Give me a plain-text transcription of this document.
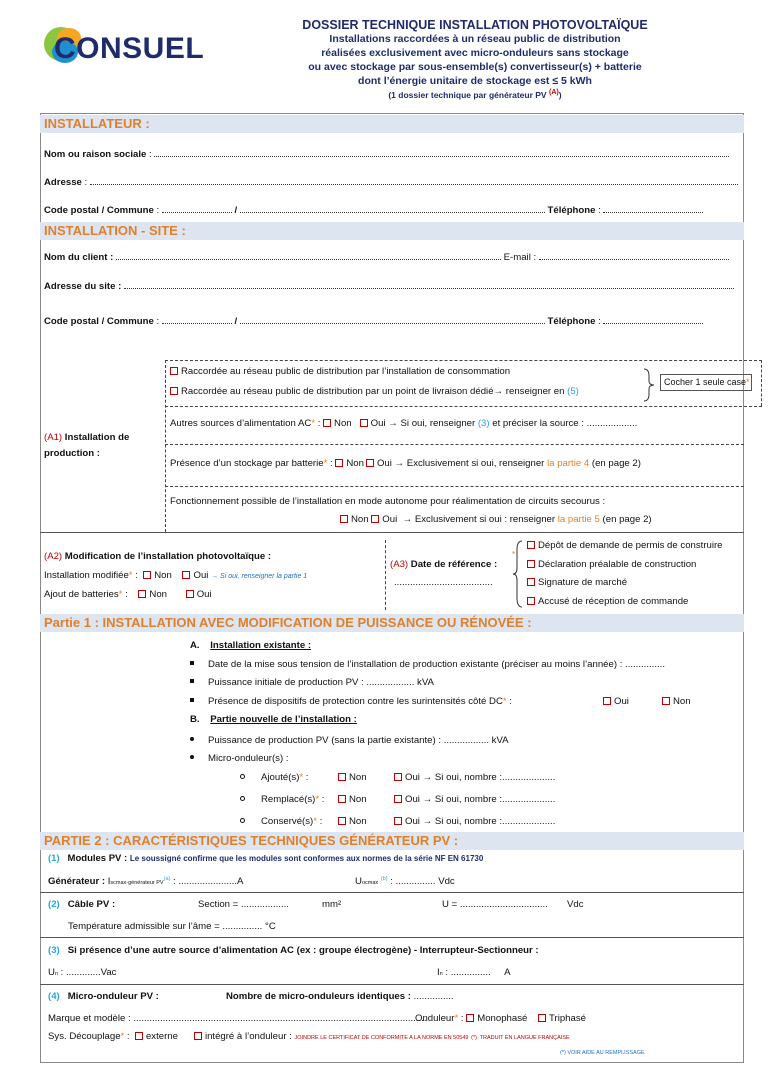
CONSUEL
DOSSIER TECHNIQUE INSTALLATION PHOTOVOLTAÏQUE
Installations raccordées à un réseau public de distribution
réalisées exclusivement avec micro-onduleurs sans stockage
ou avec stockage par sous-ensemble(s) convertisseur(s) + batterie
dont l’énergie unitaire de stockage est ≤ 5 kWh
(1 dossier technique par générateur PV $^{(A)}$)
INSTALLATEUR :
Nom ou raison sociale :
Adresse :
Code postal / Commune :	/	Téléphone :
INSTALLATION - SITE :
Nom du client :	E-mail :
Adresse du site :
Code postal / Commune :	/	Téléphone :
(A1) Installation de
production :
Raccordée au réseau public de distribution par l’installation de consommation
Raccordée au réseau public de distribution par un point de livraison dédié→ renseigner en (5)
Cocher 1 seule case*
Autres sources d’alimentation AC* : Non Oui → Si oui, renseigner (3) et préciser la source : ...................
Présence d’un stockage par batterie* : Non Oui → Exclusivement si oui, renseigner la partie 4 (en page 2)
Fonctionnement possible de l’installation en mode autonome pour réalimentation de circuits secourus :
Non Oui → Exclusivement si oui : renseigner la partie 5 (en page 2)
(A2) Modification de l’installation photovoltaïque :
Installation modifiée* :  Non Oui → Si oui, renseigner la partie 1
Ajout de batteries* :    Non	Oui
(A3) Date de référence :
.....................................
*
Dépôt de demande de permis de construire
Déclaration préalable de construction
Signature de marché
Accusé de réception de commande
Partie 1 : INSTALLATION AVEC MODIFICATION DE PUISSANCE OU RÉNOVÉE :
A. Installation existante :
Date de la mise sous tension de l’installation de production existante (préciser au moins l’année) : ...............
Puissance initiale de production PV : .................. kVA
Présence de dispositifs de protection contre les surintensités côté DC* :	Oui	Non
B. Partie nouvelle de l’installation :
Puissance de production PV (sans la partie existante) : ................. kVA
Micro-onduleur(s) :
Ajouté(s)* :	Non	Oui → Si oui, nombre :....................
Remplacé(s)* :	Non	Oui → Si oui, nombre :....................
Conservé(s)* :	Non	Oui → Si oui, nombre :....................
PARTIE 2 : CARACTÉRISTIQUES TECHNIQUES GÉNÉRATEUR PV :
(1) Modules PV : Le soussigné confirme que les modules sont conformes aux normes de la série NF EN 61730
Générateur : Iscmax-générateur PV$^{(a)}$ : ......................A	Uocmax $^{(b)}$ : ............... Vdc
(2) Câble PV :	Section = ..................	mm²	U = ................................. Vdc
Température admissible sur l’âme = ............... °C
(3) Si présence d’une autre source d’alimentation AC (ex : groupe électrogène) - Interrupteur-Sectionneur :
Un : .............Vac	In : ............... A
(4) Micro-onduleur PV :	Nombre de micro-onduleurs identiques : ...............
Marque et modèle : ..............................................................................................................
Onduleur* : Monophasé Triphasé
Sys. Découplage* :  externe	intégré à l’onduleur : JOINDRE LE CERTIFICAT DE CONFORMITE A LA NORME EN 50549 (*) TRADUIT EN LANGUE FRANÇAISE
(*) VOIR AIDE AU REMPLISSAGE
